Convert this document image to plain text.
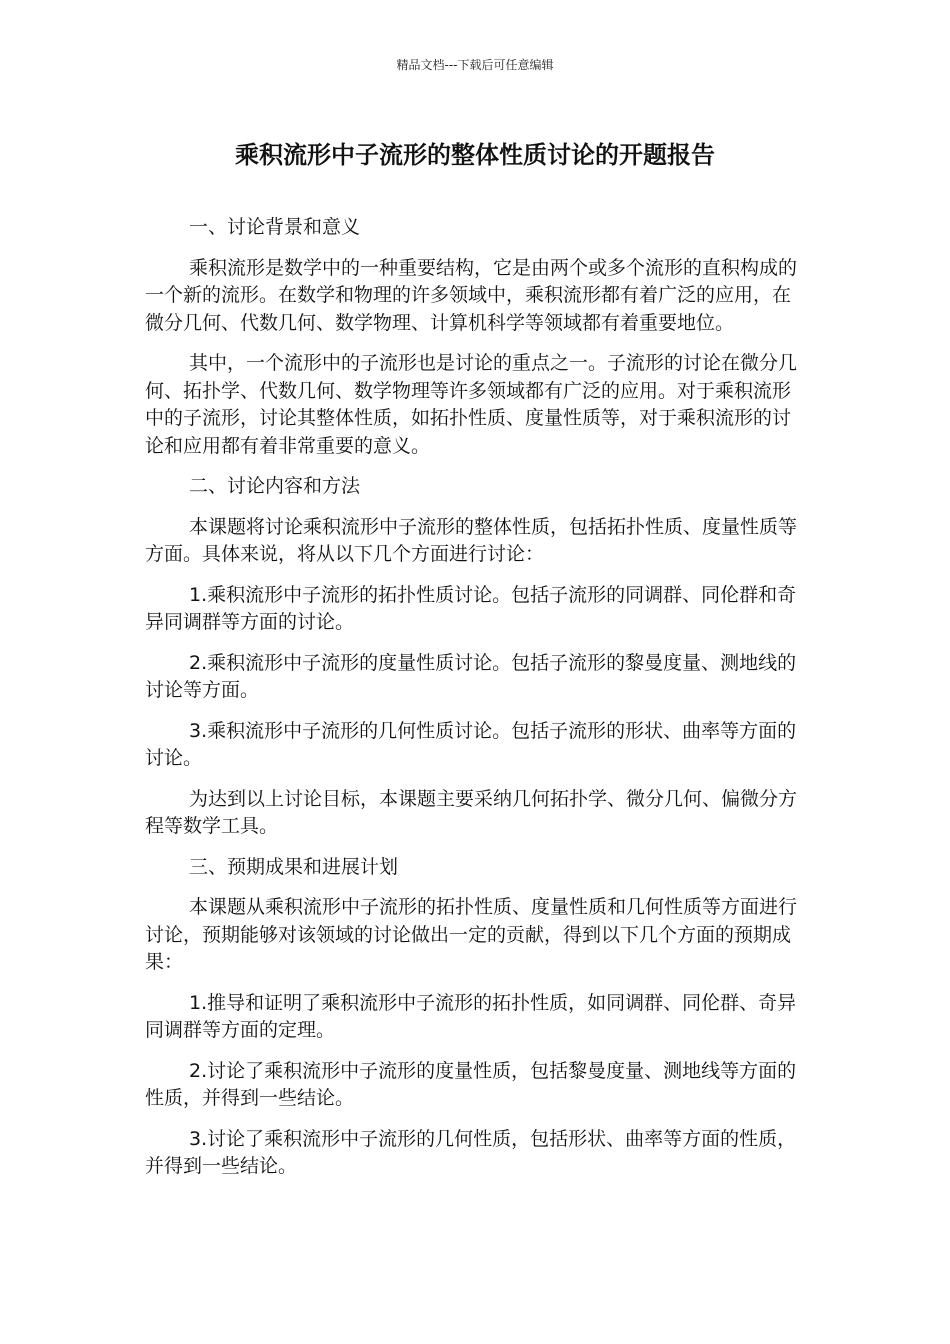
精品文档---下载后可任意编辑
乘积流形中子流形的整体性质讨论的开题报告

一、讨论背景和意义

乘积流形是数学中的一种重要结构，它是由两个或多个流形的直积构成的一个新的流形。在数学和物理的许多领域中，乘积流形都有着广泛的应用，在微分几何、代数几何、数学物理、计算机科学等领域都有着重要地位。

其中，一个流形中的子流形也是讨论的重点之一。子流形的讨论在微分几何、拓扑学、代数几何、数学物理等许多领域都有广泛的应用。对于乘积流形中的子流形，讨论其整体性质，如拓扑性质、度量性质等，对于乘积流形的讨论和应用都有着非常重要的意义。

二、讨论内容和方法

本课题将讨论乘积流形中子流形的整体性质，包括拓扑性质、度量性质等方面。具体来说，将从以下几个方面进行讨论：

1.乘积流形中子流形的拓扑性质讨论。包括子流形的同调群、同伦群和奇异同调群等方面的讨论。

2.乘积流形中子流形的度量性质讨论。包括子流形的黎曼度量、测地线的讨论等方面。

3.乘积流形中子流形的几何性质讨论。包括子流形的形状、曲率等方面的讨论。

为达到以上讨论目标，本课题主要采纳几何拓扑学、微分几何、偏微分方程等数学工具。

三、预期成果和进展计划

本课题从乘积流形中子流形的拓扑性质、度量性质和几何性质等方面进行讨论，预期能够对该领域的讨论做出一定的贡献，得到以下几个方面的预期成果：

1.推导和证明了乘积流形中子流形的拓扑性质，如同调群、同伦群、奇异同调群等方面的定理。

2.讨论了乘积流形中子流形的度量性质，包括黎曼度量、测地线等方面的性质，并得到一些结论。

3.讨论了乘积流形中子流形的几何性质，包括形状、曲率等方面的性质，并得到一些结论。
